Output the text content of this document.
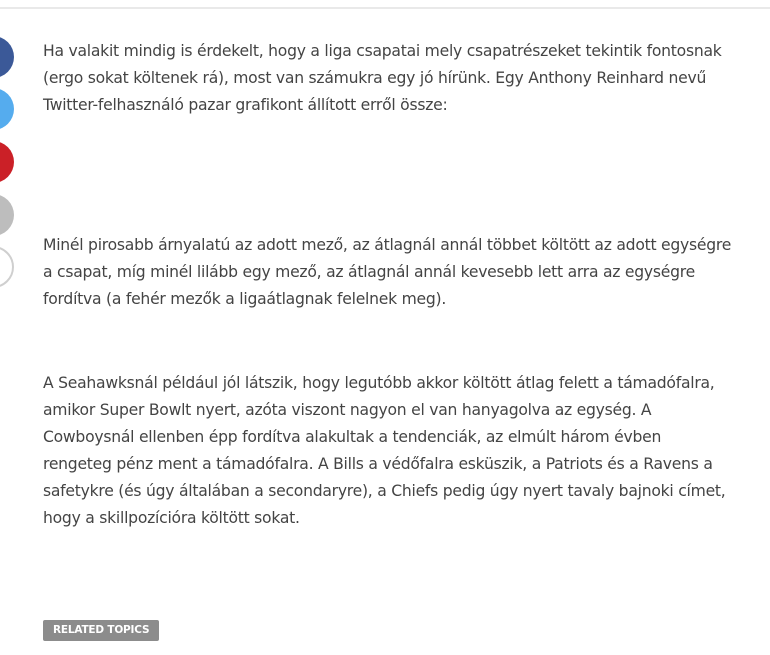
Ha valakit mindig is érdekelt, hogy a liga csapatai mely csapatrészeket tekintik fontosnak (ergo sokat költenek rá), most van számukra egy jó hírünk. Egy Anthony Reinhard nevű Twitter-felhasználó pazar grafikont állított erről össze:

Minél pirosabb árnyalatú az adott mező, az átlagnál annál többet költött az adott egységre a csapat, míg minél lilább egy mező, az átlagnál annál kevesebb lett arra az egységre fordítva (a fehér mezők a ligaátlagnak felelnek meg).

A Seahawksnál például jól látszik, hogy legutóbb akkor költött átlag felett a támadófalra, amikor Super Bowlt nyert, azóta viszont nagyon el van hanyagolva az egység. A Cowboysnál ellenben épp fordítva alakultak a tendenciák, az elmúlt három évben rengeteg pénz ment a támadófalra. A Bills a védőfalra esküszik, a Patriots és a Ravens a safetykre (és úgy általában a secondaryre), a Chiefs pedig úgy nyert tavaly bajnoki címet, hogy a skillpozícióra költött sokat.

RELATED TOPICS
